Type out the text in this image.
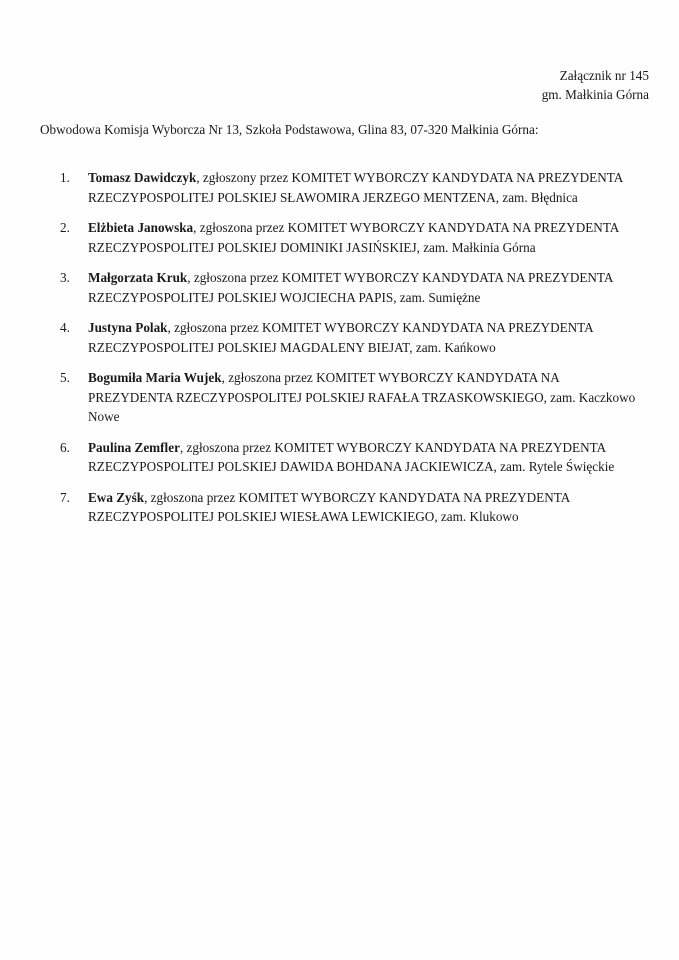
Załącznik nr 145
gm. Małkinia Górna
Obwodowa Komisja Wyborcza Nr 13, Szkoła Podstawowa, Glina 83, 07-320 Małkinia Górna:
1.	Tomasz Dawidczyk, zgłoszony przez KOMITET WYBORCZY KANDYDATA NA PREZYDENTA RZECZYPOSPOLITEJ POLSKIEJ SŁAWOMIRA JERZEGO MENTZENA, zam. Błędnica
2.	Elżbieta Janowska, zgłoszona przez KOMITET WYBORCZY KANDYDATA NA PREZYDENTA RZECZYPOSPOLITEJ POLSKIEJ DOMINIKI JASIŃSKIEJ, zam. Małkinia Górna
3.	Małgorzata Kruk, zgłoszona przez KOMITET WYBORCZY KANDYDATA NA PREZYDENTA RZECZYPOSPOLITEJ POLSKIEJ WOJCIECHA PAPIS, zam. Sumiężne
4.	Justyna Polak, zgłoszona przez KOMITET WYBORCZY KANDYDATA NA PREZYDENTA RZECZYPOSPOLITEJ POLSKIEJ MAGDALENY BIEJAT, zam. Kańkowo
5.	Bogumiła Maria Wujek, zgłoszona przez KOMITET WYBORCZY KANDYDATA NA PREZYDENTA RZECZYPOSPOLITEJ POLSKIEJ RAFAŁA TRZASKOWSKIEGO, zam. Kaczkowo Nowe
6.	Paulina Zemfler, zgłoszona przez KOMITET WYBORCZY KANDYDATA NA PREZYDENTA RZECZYPOSPOLITEJ POLSKIEJ DAWIDA BOHDANA JACKIEWICZA, zam. Rytele Święckie
7.	Ewa Zyśk, zgłoszona przez KOMITET WYBORCZY KANDYDATA NA PREZYDENTA RZECZYPOSPOLITEJ POLSKIEJ WIESŁAWA LEWICKIEGO, zam. Klukowo
